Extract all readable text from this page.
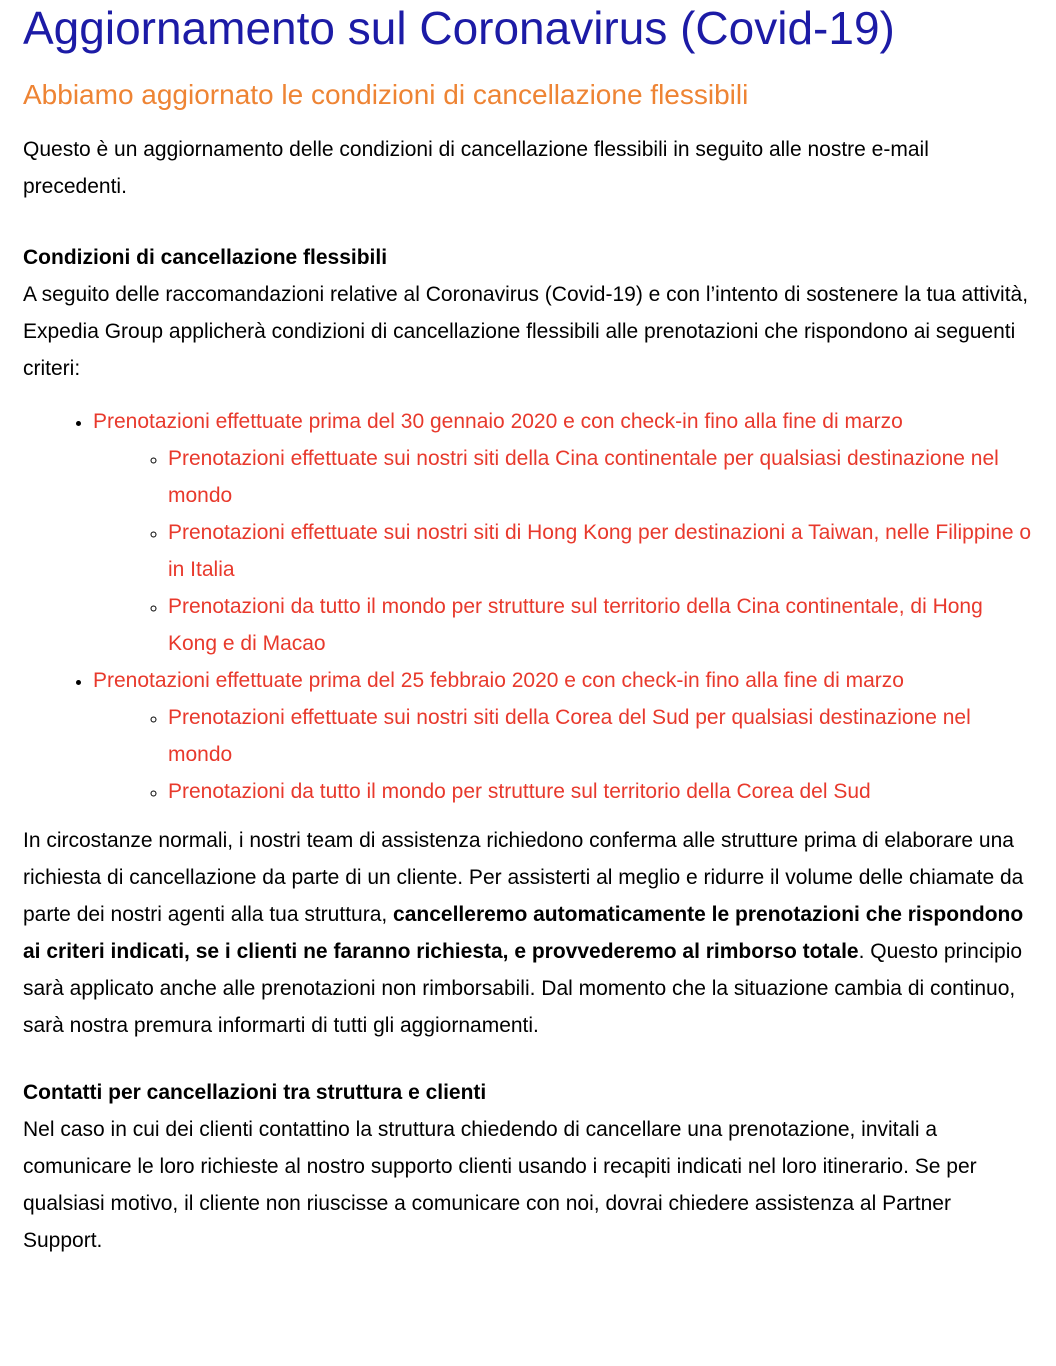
Aggiornamento sul Coronavirus (Covid-19)
Abbiamo aggiornato le condizioni di cancellazione flessibili

Questo è un aggiornamento delle condizioni di cancellazione flessibili in seguito alle nostre e-mail precedenti.

Condizioni di cancellazione flessibili

A seguito delle raccomandazioni relative al Coronavirus (Covid-19) e con l’intento di sostenere la tua attività, Expedia Group applicherà condizioni di cancellazione flessibili alle prenotazioni che rispondono ai seguenti criteri:

• Prenotazioni effettuate prima del 30 gennaio 2020 e con check-in fino alla fine di marzo
◦ Prenotazioni effettuate sui nostri siti della Cina continentale per qualsiasi destinazione nel mondo
◦ Prenotazioni effettuate sui nostri siti di Hong Kong per destinazioni a Taiwan, nelle Filippine o in Italia
◦ Prenotazioni da tutto il mondo per strutture sul territorio della Cina continentale, di Hong Kong e di Macao
• Prenotazioni effettuate prima del 25 febbraio 2020 e con check-in fino alla fine di marzo
◦ Prenotazioni effettuate sui nostri siti della Corea del Sud per qualsiasi destinazione nel mondo
◦ Prenotazioni da tutto il mondo per strutture sul territorio della Corea del Sud

In circostanze normali, i nostri team di assistenza richiedono conferma alle strutture prima di elaborare una richiesta di cancellazione da parte di un cliente. Per assisterti al meglio e ridurre il volume delle chiamate da parte dei nostri agenti alla tua struttura, cancelleremo automaticamente le prenotazioni che rispondono ai criteri indicati, se i clienti ne faranno richiesta, e provvederemo al rimborso totale. Questo principio sarà applicato anche alle prenotazioni non rimborsabili. Dal momento che la situazione cambia di continuo, sarà nostra premura informarti di tutti gli aggiornamenti.

Contatti per cancellazioni tra struttura e clienti

Nel caso in cui dei clienti contattino la struttura chiedendo di cancellare una prenotazione, invitali a comunicare le loro richieste al nostro supporto clienti usando i recapiti indicati nel loro itinerario. Se per qualsiasi motivo, il cliente non riuscisse a comunicare con noi, dovrai chiedere assistenza al Partner Support.
